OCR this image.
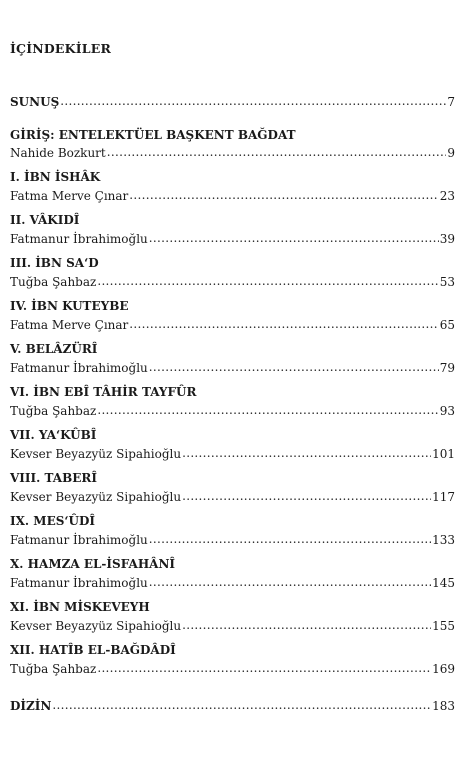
İÇİNDEKİLER
SUNUŞ .....	7
GİRİŞ: ENTELEKTÜEL BAŞKENT BAĞDAT
Nahide Bozkurt .....	9
I. İBN İSHÂK
Fatma Merve Çınar .....	23
II. VÂKIDÎ
Fatmanur İbrahimoğlu .....	39
III. İBN SA‘D
Tuğba Şahbaz .....	53
IV. İBN KUTEYBE
Fatma Merve Çınar .....	65
V. BELÂZÜRÎ
Fatmanur İbrahimoğlu .....	79
VI. İBN EBÎ TÂHİR TAYFÛR
Tuğba Şahbaz .....	93
VII. YA‘KÛBÎ
Kevser Beyazyüz Sipahioğlu .....	101
VIII. TABERÎ
Kevser Beyazyüz Sipahioğlu .....	117
IX. MES‘ÛDÎ
Fatmanur İbrahimoğlu .....	133
X. HAMZA EL-İSFAHÂNÎ
Fatmanur İbrahimoğlu .....	145
XI. İBN MİSKEVEYH
Kevser Beyazyüz Sipahioğlu .....	155
XII. HATÎB EL-BAĞDÂDÎ
Tuğba Şahbaz .....	169
DİZİN .....	183
